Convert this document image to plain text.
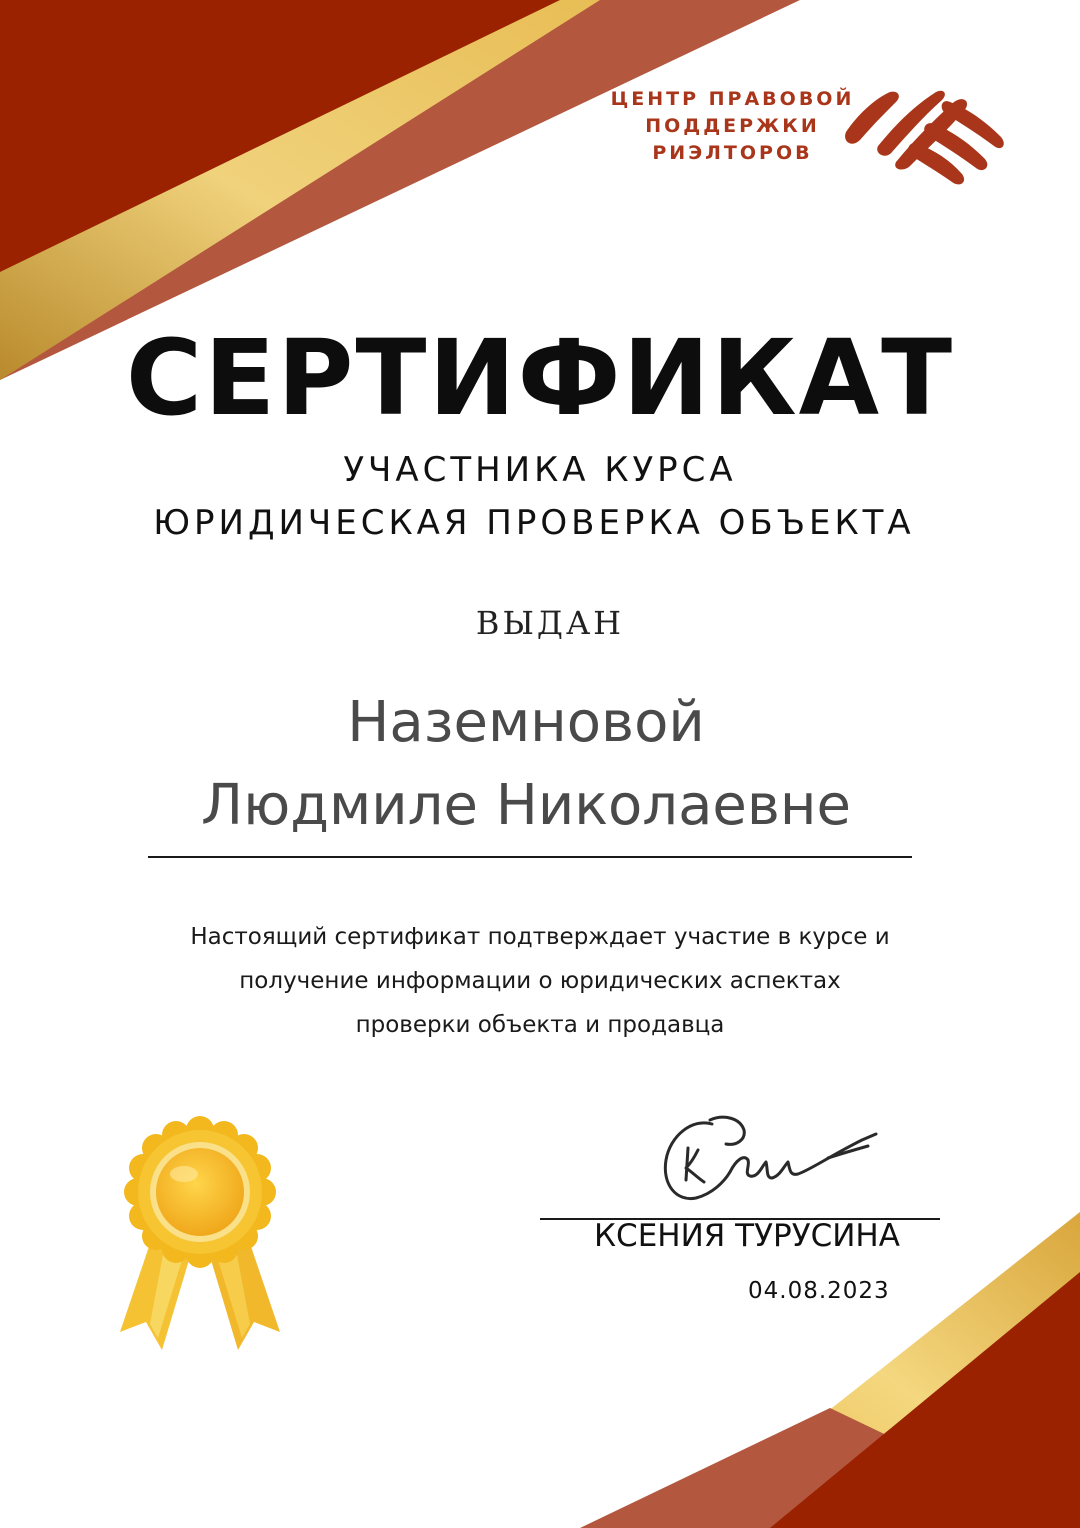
ЦЕНТР ПРАВОВОЙ
ПОДДЕРЖКИ
РИЭЛТОРОВ
СЕРТИФИКАТ
УЧАСТНИКА КУРСА
ЮРИДИЧЕСКАЯ ПРОВЕРКА ОБЪЕКТА
ВЫДАН
Наземновой
Людмиле Николаевне
Настоящий сертификат подтверждает участие в курсе и
получение информации о юридических аспектах
проверки объекта и продавца
КСЕНИЯ ТУРУСИНА
04.08.2023
